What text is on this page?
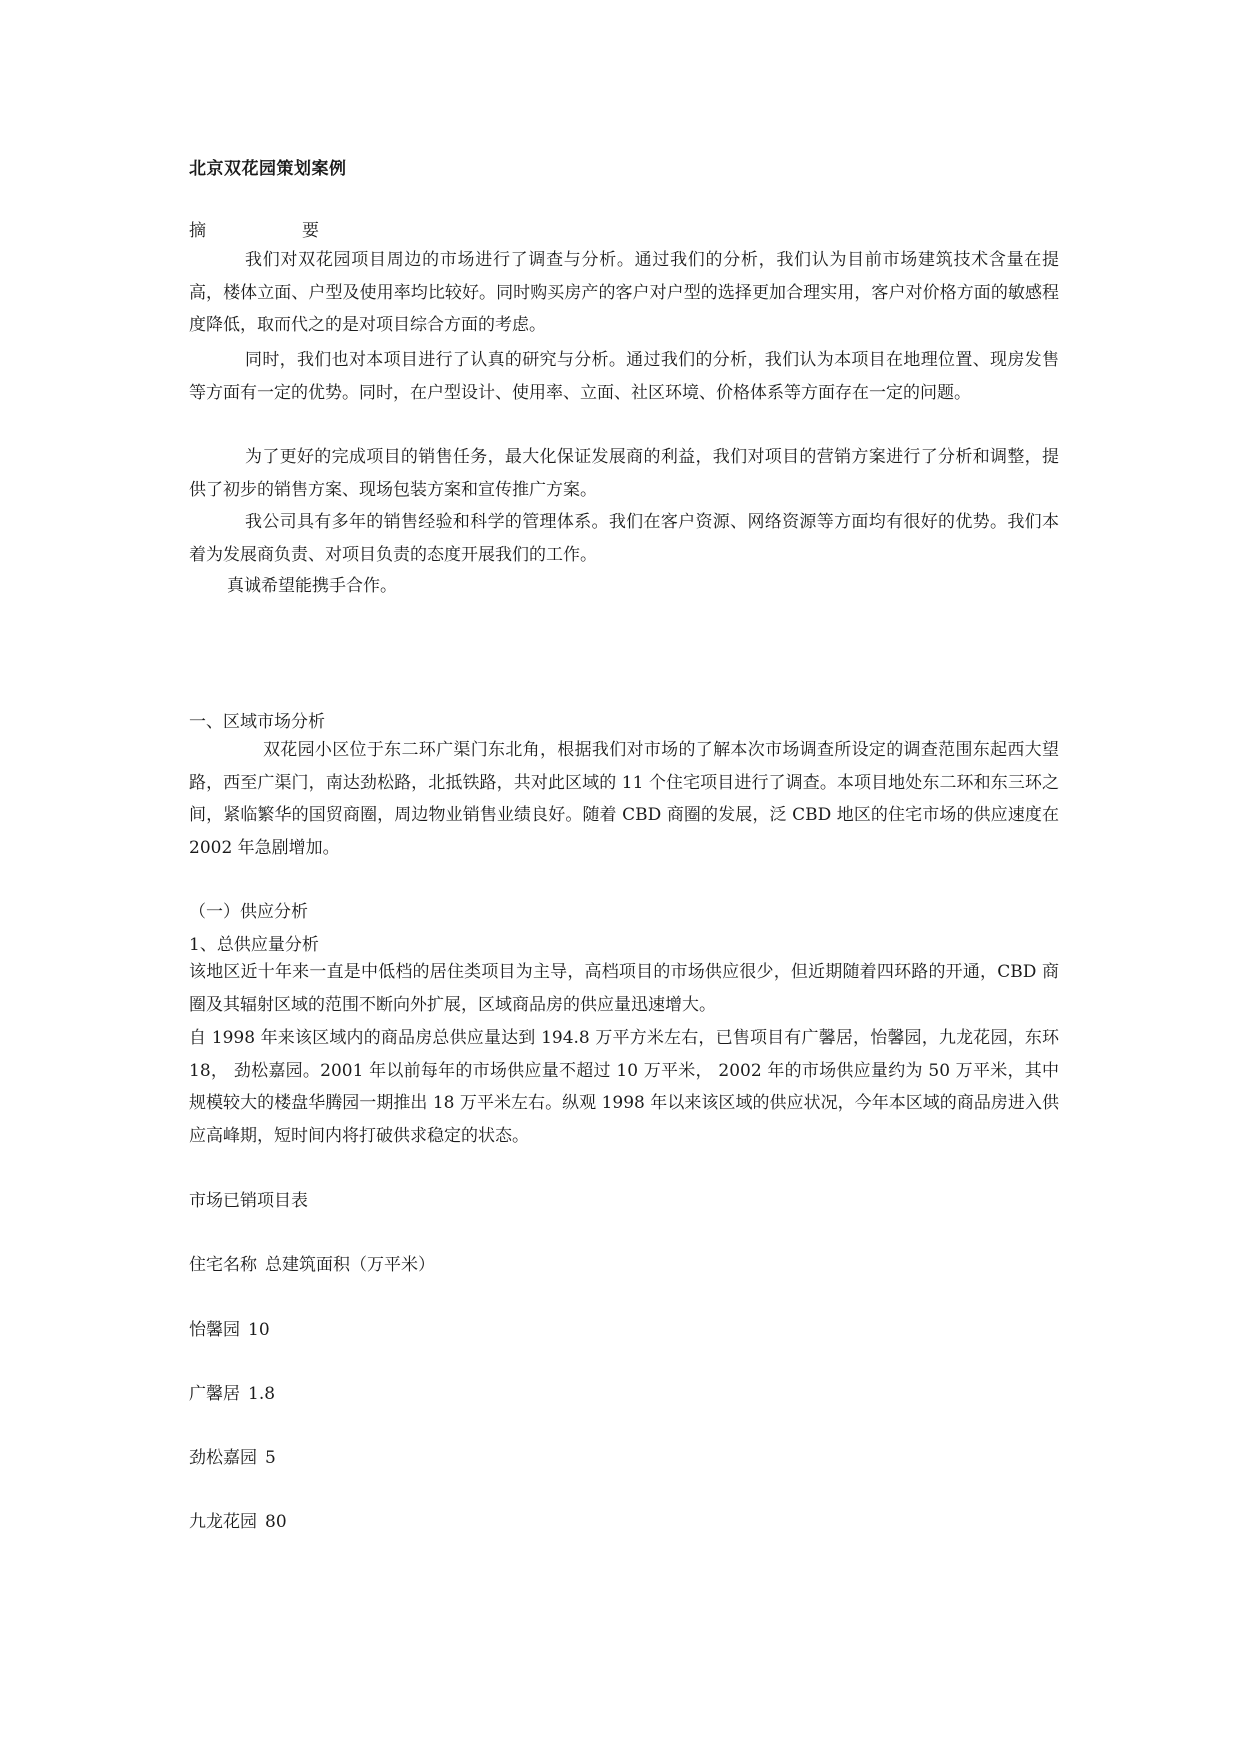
北京双花园策划案例
摘	要
我们对双花园项目周边的市场进行了调查与分析。通过我们的分析，我们认为目前市场建筑技术含量在提高，楼体立面、户型及使用率均比较好。同时购买房产的客户对户型的选择更加合理实用，客户对价格方面的敏感程度降低，取而代之的是对项目综合方面的考虑。
同时，我们也对本项目进行了认真的研究与分析。通过我们的分析，我们认为本项目在地理位置、现房发售等方面有一定的优势。同时，在户型设计、使用率、立面、社区环境、价格体系等方面存在一定的问题。
为了更好的完成项目的销售任务，最大化保证发展商的利益，我们对项目的营销方案进行了分析和调整，提供了初步的销售方案、现场包装方案和宣传推广方案。
我公司具有多年的销售经验和科学的管理体系。我们在客户资源、网络资源等方面均有很好的优势。我们本着为发展商负责、对项目负责的态度开展我们的工作。
真诚希望能携手合作。
一、区域市场分析
双花园小区位于东二环广渠门东北角，根据我们对市场的了解本次市场调查所设定的调查范围东起西大望路，西至广渠门，南达劲松路，北抵铁路，共对此区域的 11 个住宅项目进行了调查。本项目地处东二环和东三环之间，紧临繁华的国贸商圈，周边物业销售业绩良好。随着 CBD 商圈的发展，泛 CBD 地区的住宅市场的供应速度在 2002 年急剧增加。
（一）供应分析
1、总供应量分析
该地区近十年来一直是中低档的居住类项目为主导，高档项目的市场供应很少，但近期随着四环路的开通，CBD 商圈及其辐射区域的范围不断向外扩展，区域商品房的供应量迅速增大。
自 1998 年来该区域内的商品房总供应量达到 194.8 万平方米左右，已售项目有广馨居，怡馨园，九龙花园，东环 18， 劲松嘉园。2001 年以前每年的市场供应量不超过 10 万平米， 2002 年的市场供应量约为 50 万平米，其中规模较大的楼盘华腾园一期推出 18 万平米左右。纵观 1998 年以来该区域的供应状况，今年本区域的商品房进入供应高峰期，短时间内将打破供求稳定的状态。
市场已销项目表
住宅名称 总建筑面积（万平米）
怡馨园 10
广馨居 1.8
劲松嘉园 5
九龙花园 80
